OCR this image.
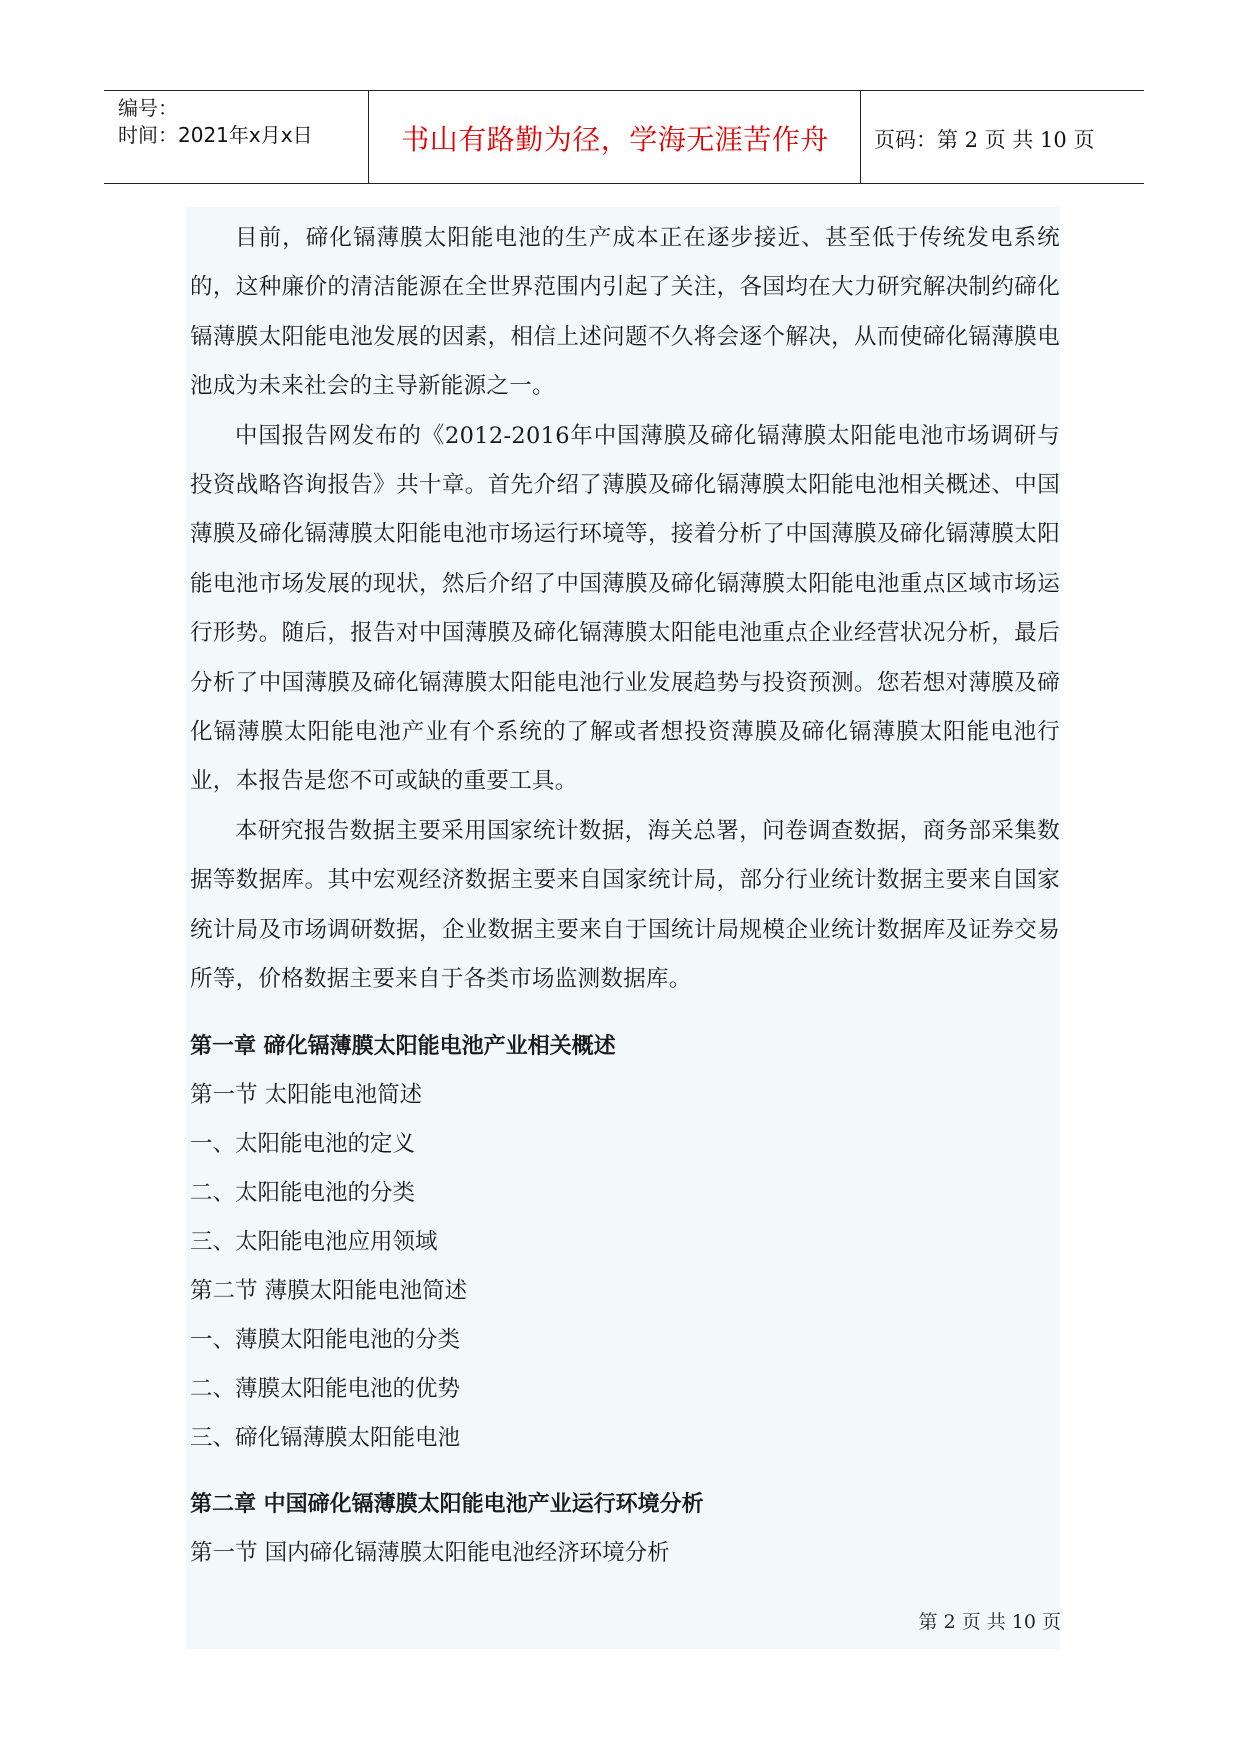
编号：
时间：2021年x月x日	书山有路勤为径，学海无涯苦作舟	页码：第 2 页 共 10 页

目前，碲化镉薄膜太阳能电池的生产成本正在逐步接近、甚至低于传统发电系统的，这种廉价的清洁能源在全世界范围内引起了关注，各国均在大力研究解决制约碲化镉薄膜太阳能电池发展的因素，相信上述问题不久将会逐个解决，从而使碲化镉薄膜电池成为未来社会的主导新能源之一。

中国报告网发布的《2012-2016年中国薄膜及碲化镉薄膜太阳能电池市场调研与投资战略咨询报告》共十章。首先介绍了薄膜及碲化镉薄膜太阳能电池相关概述、中国薄膜及碲化镉薄膜太阳能电池市场运行环境等，接着分析了中国薄膜及碲化镉薄膜太阳能电池市场发展的现状，然后介绍了中国薄膜及碲化镉薄膜太阳能电池重点区域市场运行形势。随后，报告对中国薄膜及碲化镉薄膜太阳能电池重点企业经营状况分析，最后分析了中国薄膜及碲化镉薄膜太阳能电池行业发展趋势与投资预测。您若想对薄膜及碲化镉薄膜太阳能电池产业有个系统的了解或者想投资薄膜及碲化镉薄膜太阳能电池行业，本报告是您不可或缺的重要工具。

本研究报告数据主要采用国家统计数据，海关总署，问卷调查数据，商务部采集数据等数据库。其中宏观经济数据主要来自国家统计局，部分行业统计数据主要来自国家统计局及市场调研数据，企业数据主要来自于国统计局规模企业统计数据库及证券交易所等，价格数据主要来自于各类市场监测数据库。

第一章 碲化镉薄膜太阳能电池产业相关概述

第一节 太阳能电池简述

一、太阳能电池的定义

二、太阳能电池的分类

三、太阳能电池应用领域

第二节 薄膜太阳能电池简述

一、薄膜太阳能电池的分类

二、薄膜太阳能电池的优势

三、碲化镉薄膜太阳能电池

第二章 中国碲化镉薄膜太阳能电池产业运行环境分析

第一节 国内碲化镉薄膜太阳能电池经济环境分析

第 2 页 共 10 页
